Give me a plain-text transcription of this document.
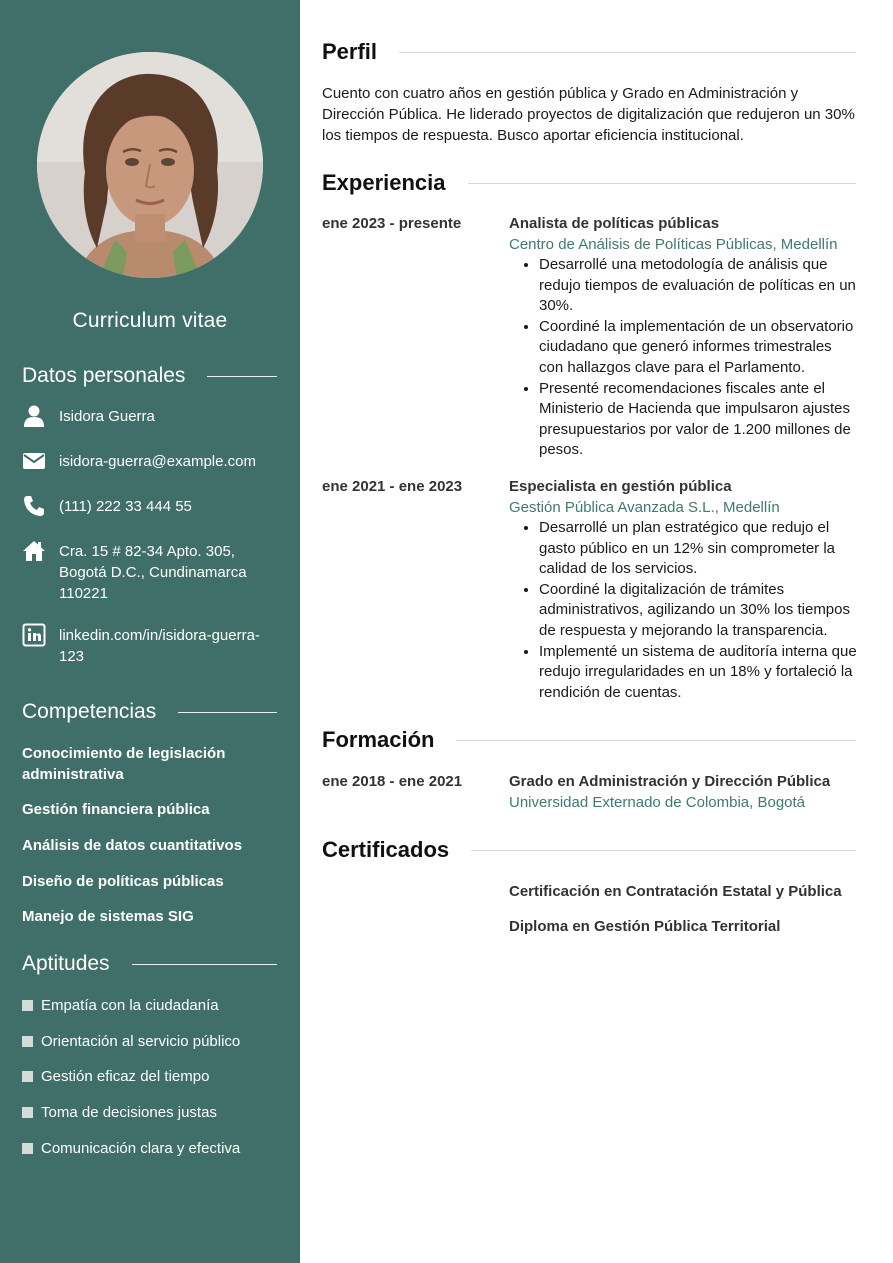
Curriculum vitae
Datos personales
Isidora Guerra
isidora-guerra@example.com
(111) 222 33 444 55
Cra. 15 # 82-34 Apto. 305,
Bogotá D.C., Cundinamarca
110221
linkedin.com/in/isidora-guerra-
123
Competencias
Conocimiento de legislación administrativa
Gestión financiera pública
Análisis de datos cuantitativos
Diseño de políticas públicas
Manejo de sistemas SIG
Aptitudes
Empatía con la ciudadanía
Orientación al servicio público
Gestión eficaz del tiempo
Toma de decisiones justas
Comunicación clara y efectiva
Perfil
Cuento con cuatro años en gestión pública y Grado en Administración y Dirección Pública. He liderado proyectos de digitalización que redujeron un 30% los tiempos de respuesta. Busco aportar eficiencia institucional.
Experiencia
ene 2023 - presente	Analista de políticas públicas
Centro de Análisis de Políticas Públicas, Medellín
• Desarrollé una metodología de análisis que redujo tiempos de evaluación de políticas en un 30%.
• Coordiné la implementación de un observatorio ciudadano que generó informes trimestrales con hallazgos clave para el Parlamento.
• Presenté recomendaciones fiscales ante el Ministerio de Hacienda que impulsaron ajustes presupuestarios por valor de 1.200 millones de pesos.
ene 2021 - ene 2023	Especialista en gestión pública
Gestión Pública Avanzada S.L., Medellín
• Desarrollé un plan estratégico que redujo el gasto público en un 12% sin comprometer la calidad de los servicios.
• Coordiné la digitalización de trámites administrativos, agilizando un 30% los tiempos de respuesta y mejorando la transparencia.
• Implementé un sistema de auditoría interna que redujo irregularidades en un 18% y fortaleció la rendición de cuentas.
Formación
ene 2018 - ene 2021	Grado en Administración y Dirección Pública
Universidad Externado de Colombia, Bogotá
Certificados
Certificación en Contratación Estatal y Pública
Diploma en Gestión Pública Territorial
